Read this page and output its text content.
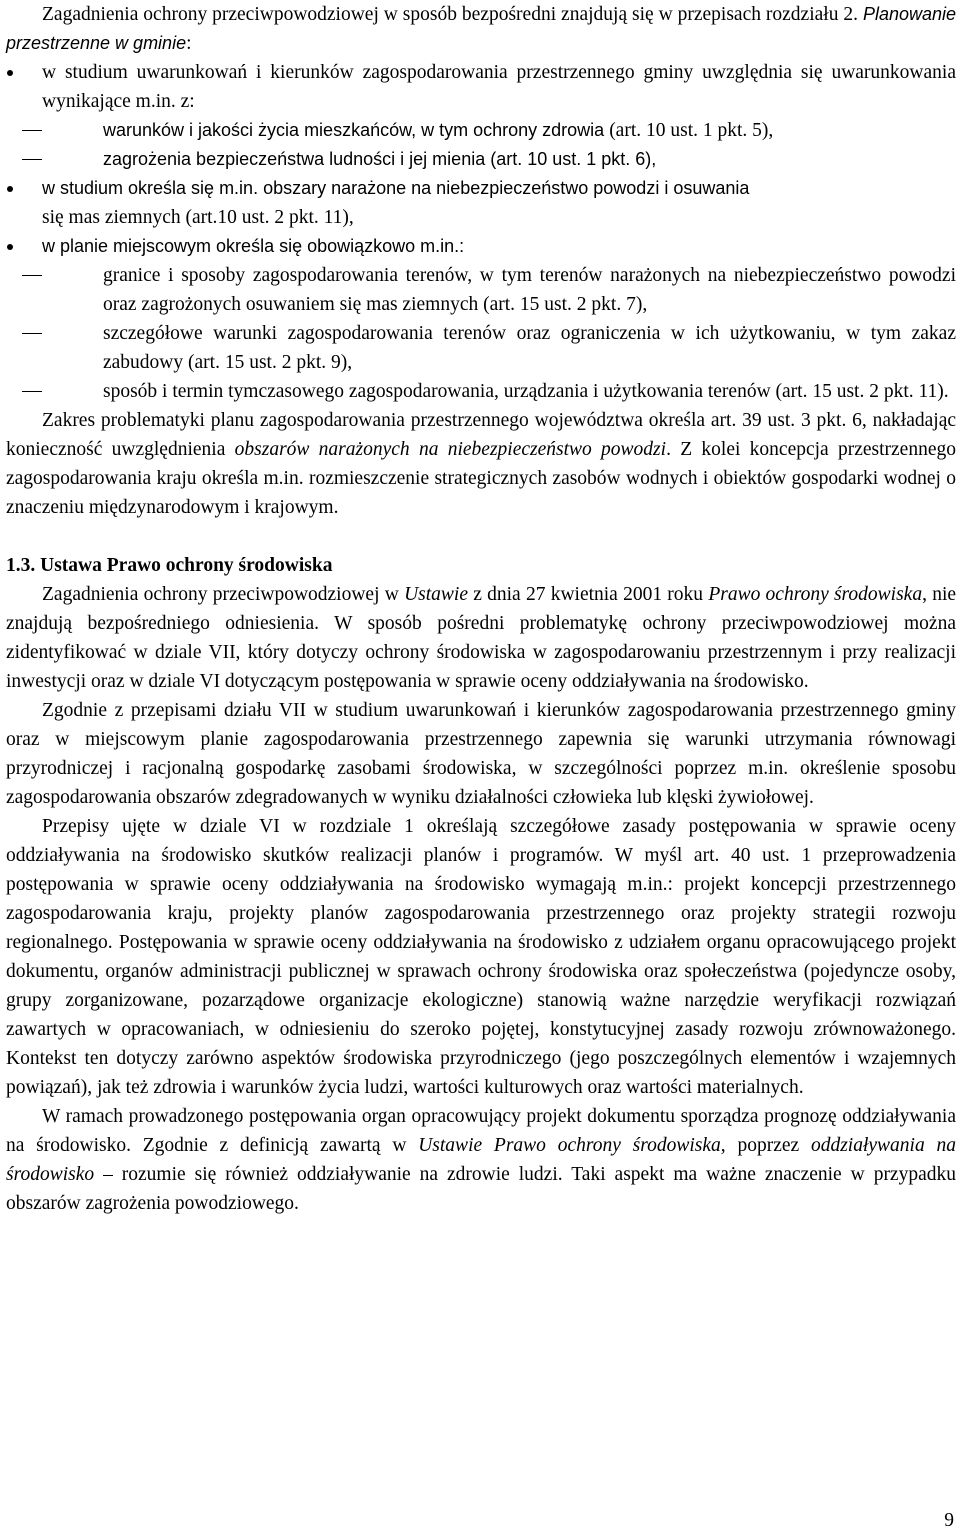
Zagadnienia ochrony przeciwpowodziowej w sposób bezpośredni znajdują się w przepisach rozdziału 2. Planowanie przestrzenne w gminie:

w studium uwarunkowań i kierunków zagospodarowania przestrzennego gminy uwzględnia się uwarunkowania wynikające m.in. z:
warunków i jakości życia mieszkańców, w tym ochrony zdrowia (art. 10 ust. 1 pkt. 5),
zagrożenia bezpieczeństwa ludności i jej mienia (art. 10 ust. 1 pkt. 6),
w studium określa się m.in. obszary narażone na niebezpieczeństwo powodzi i osuwania
się mas ziemnych (art.10 ust. 2 pkt. 11),
w planie miejscowym określa się obowiązkowo m.in.:
granice i sposoby zagospodarowania terenów, w tym terenów narażonych na niebezpieczeństwo powodzi oraz zagrożonych osuwaniem się mas ziemnych (art. 15 ust. 2 pkt. 7),
szczegółowe warunki zagospodarowania terenów oraz ograniczenia w ich użytkowaniu, w tym zakaz zabudowy (art. 15 ust. 2 pkt. 9),
sposób i termin tymczasowego zagospodarowania, urządzania i użytkowania terenów (art. 15 ust. 2 pkt. 11).

Zakres problematyki planu zagospodarowania przestrzennego województwa określa art. 39 ust. 3 pkt. 6, nakładając konieczność uwzględnienia obszarów narażonych na niebezpieczeństwo powodzi. Z kolei koncepcja przestrzennego zagospodarowania kraju określa m.in. rozmieszczenie strategicznych zasobów wodnych i obiektów gospodarki wodnej o znaczeniu międzynarodowym i krajowym.

1.3. Ustawa Prawo ochrony środowiska

Zagadnienia ochrony przeciwpowodziowej w Ustawie z dnia 27 kwietnia 2001 roku Prawo ochrony środowiska, nie znajdują bezpośredniego odniesienia. W sposób pośredni problematykę ochrony przeciwpowodziowej można zidentyfikować w dziale VII, który dotyczy ochrony środowiska w zagospodarowaniu przestrzennym i przy realizacji inwestycji oraz w dziale VI dotyczącym postępowania w sprawie oceny oddziaływania na środowisko.

Zgodnie z przepisami działu VII w studium uwarunkowań i kierunków zagospodarowania przestrzennego gminy oraz w miejscowym planie zagospodarowania przestrzennego zapewnia się warunki utrzymania równowagi przyrodniczej i racjonalną gospodarkę zasobami środowiska, w szczególności poprzez m.in. określenie sposobu zagospodarowania obszarów zdegradowanych w wyniku działalności człowieka lub klęski żywiołowej.

Przepisy ujęte w dziale VI w rozdziale 1 określają szczegółowe zasady postępowania w sprawie oceny oddziaływania na środowisko skutków realizacji planów i programów. W myśl art. 40 ust. 1 przeprowadzenia postępowania w sprawie oceny oddziaływania na środowisko wymagają m.in.: projekt koncepcji przestrzennego zagospodarowania kraju, projekty planów zagospodarowania przestrzennego oraz projekty strategii rozwoju regionalnego. Postępowania w sprawie oceny oddziaływania na środowisko z udziałem organu opracowującego projekt dokumentu, organów administracji publicznej w sprawach ochrony środowiska oraz społeczeństwa (pojedyncze osoby, grupy zorganizowane, pozarządowe organizacje ekologiczne) stanowią ważne narzędzie weryfikacji rozwiązań zawartych w opracowaniach, w odniesieniu do szeroko pojętej, konstytucyjnej zasady rozwoju zrównoważonego. Kontekst ten dotyczy zarówno aspektów środowiska przyrodniczego (jego poszczególnych elementów i wzajemnych powiązań), jak też zdrowia i warunków życia ludzi, wartości kulturowych oraz wartości materialnych.

W ramach prowadzonego postępowania organ opracowujący projekt dokumentu sporządza prognozę oddziaływania na środowisko. Zgodnie z definicją zawartą w Ustawie Prawo ochrony środowiska, poprzez oddziaływania na środowisko – rozumie się również oddziaływanie na zdrowie ludzi. Taki aspekt ma ważne znaczenie w przypadku obszarów zagrożenia powodziowego.

9
